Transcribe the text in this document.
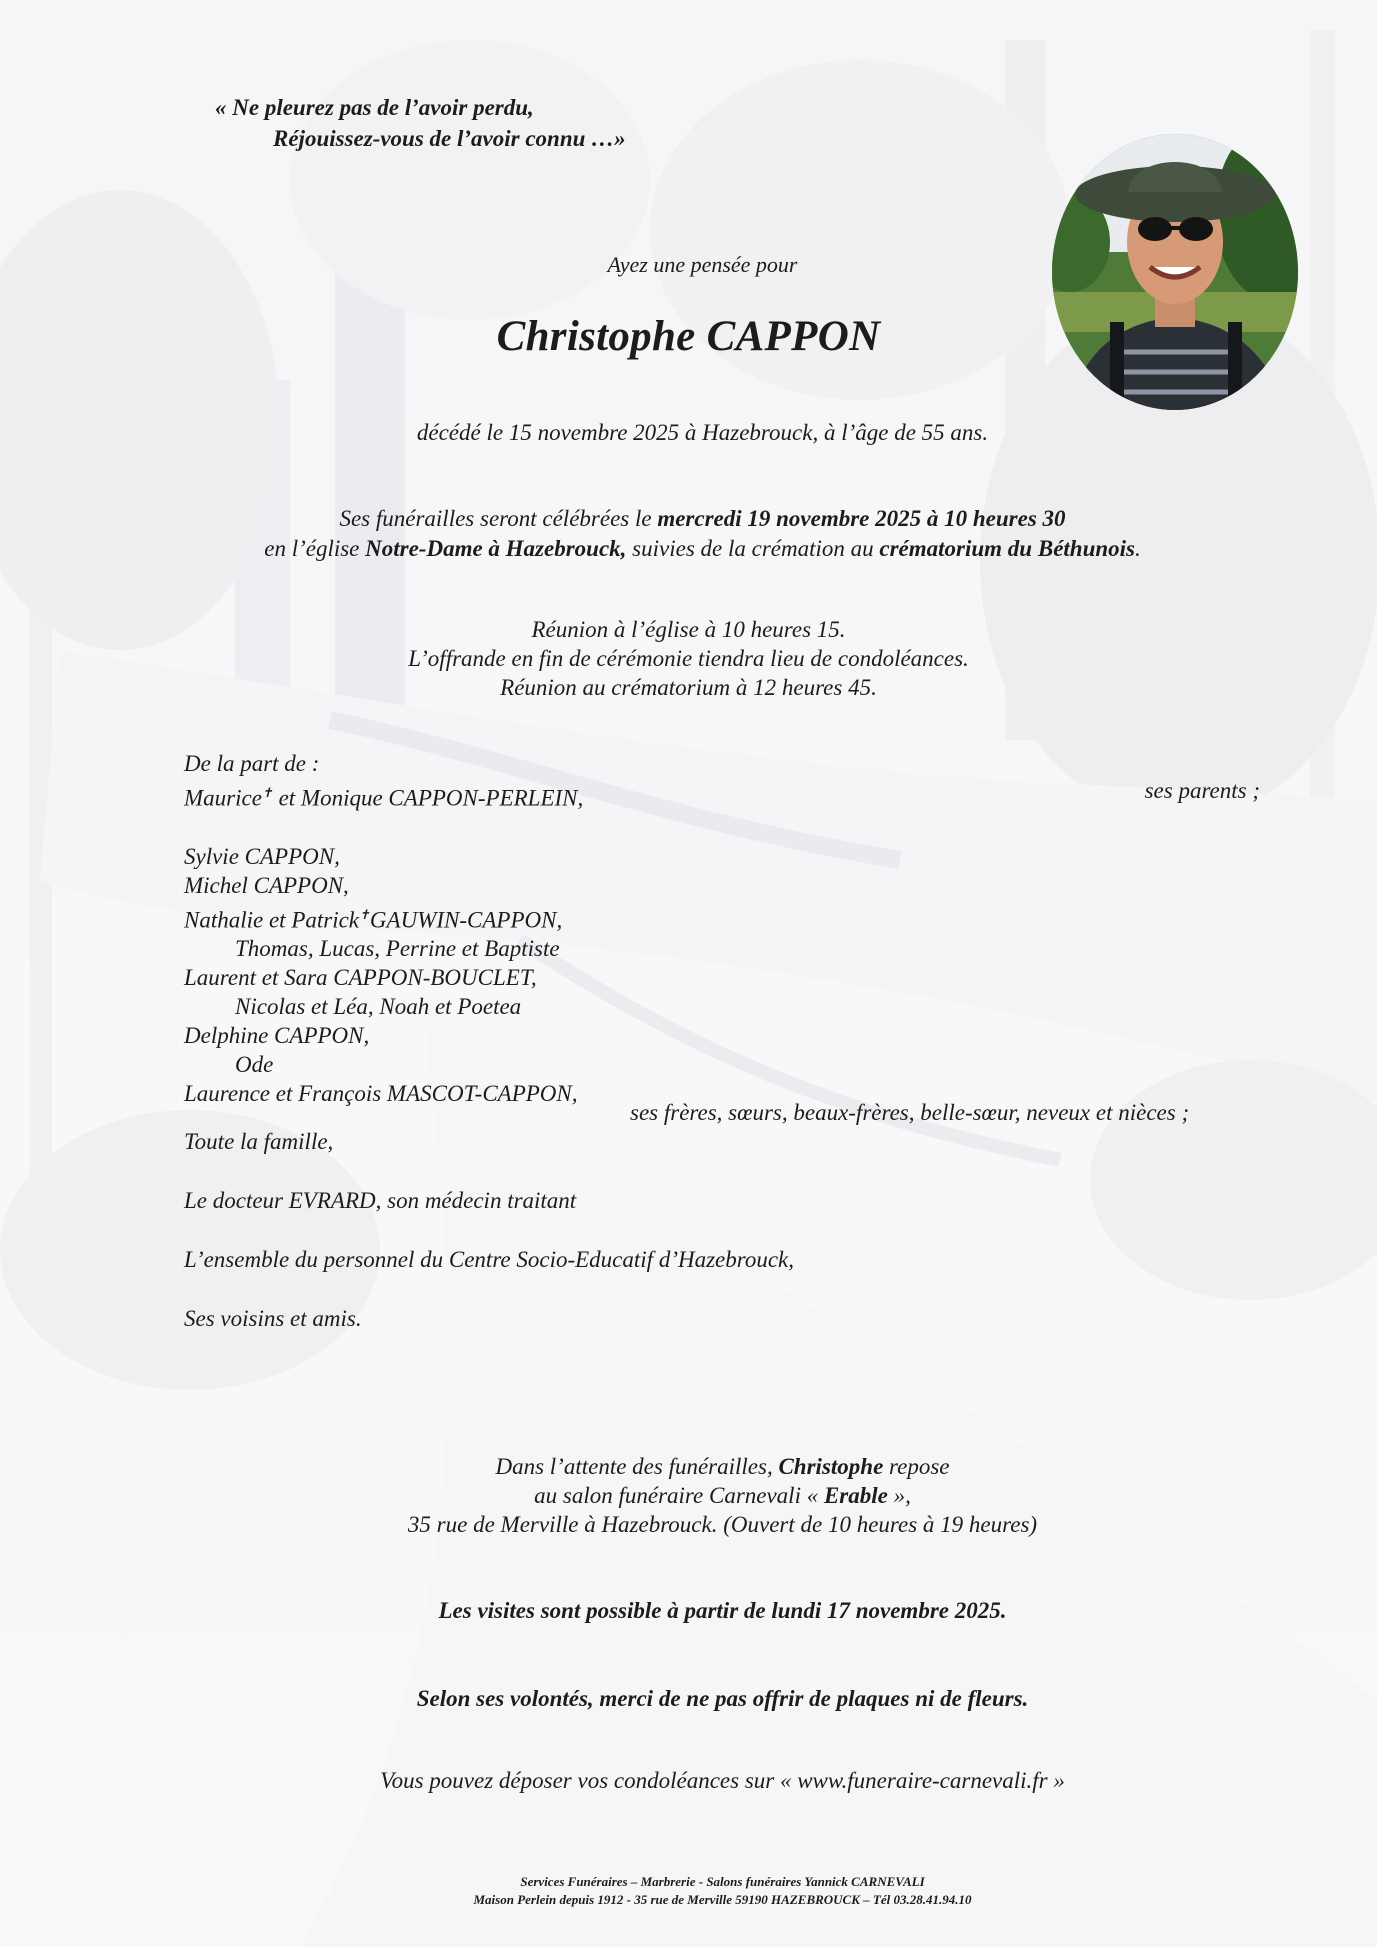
« Ne pleurez pas de l’avoir perdu,
Réjouissez-vous de l’avoir connu …»
Ayez une pensée pour
Christophe CAPPON
décédé le 15 novembre 2025 à Hazebrouck, à l’âge de 55 ans.
Ses funérailles seront célébrées le mercredi 19 novembre 2025 à 10 heures 30
en l’église Notre-Dame à Hazebrouck, suivies de la crémation au crématorium du Béthunois.
Réunion à l’église à 10 heures 15.
L’offrande en fin de cérémonie tiendra lieu de condoléances.
Réunion au crématorium à 12 heures 45.
De la part de :
Maurice✝ et Monique CAPPON-PERLEIN,
Sylvie CAPPON,
Michel CAPPON,
Nathalie et Patrick✝GAUWIN-CAPPON,
Thomas, Lucas, Perrine et Baptiste
Laurent et Sara CAPPON-BOUCLET,
Nicolas et Léa, Noah et Poetea
Delphine CAPPON,
Ode
Laurence et François MASCOT-CAPPON,
ses parents ;
ses frères, sœurs, beaux-frères, belle-sœur, neveux et nièces ;
Toute la famille,
Le docteur EVRARD, son médecin traitant
L’ensemble du personnel du Centre Socio-Educatif d’Hazebrouck,
Ses voisins et amis.
Dans l’attente des funérailles, Christophe repose
au salon funéraire Carnevali « Erable »,
35 rue de Merville à Hazebrouck. (Ouvert de 10 heures à 19 heures)
Les visites sont possible à partir de lundi 17 novembre 2025.
Selon ses volontés, merci de ne pas offrir de plaques ni de fleurs.
Vous pouvez déposer vos condoléances sur « www.funeraire-carnevali.fr »
Services Funéraires – Marbrerie - Salons funéraires Yannick CARNEVALI
Maison Perlein depuis 1912 - 35 rue de Merville 59190 HAZEBROUCK – Tél 03.28.41.94.10
